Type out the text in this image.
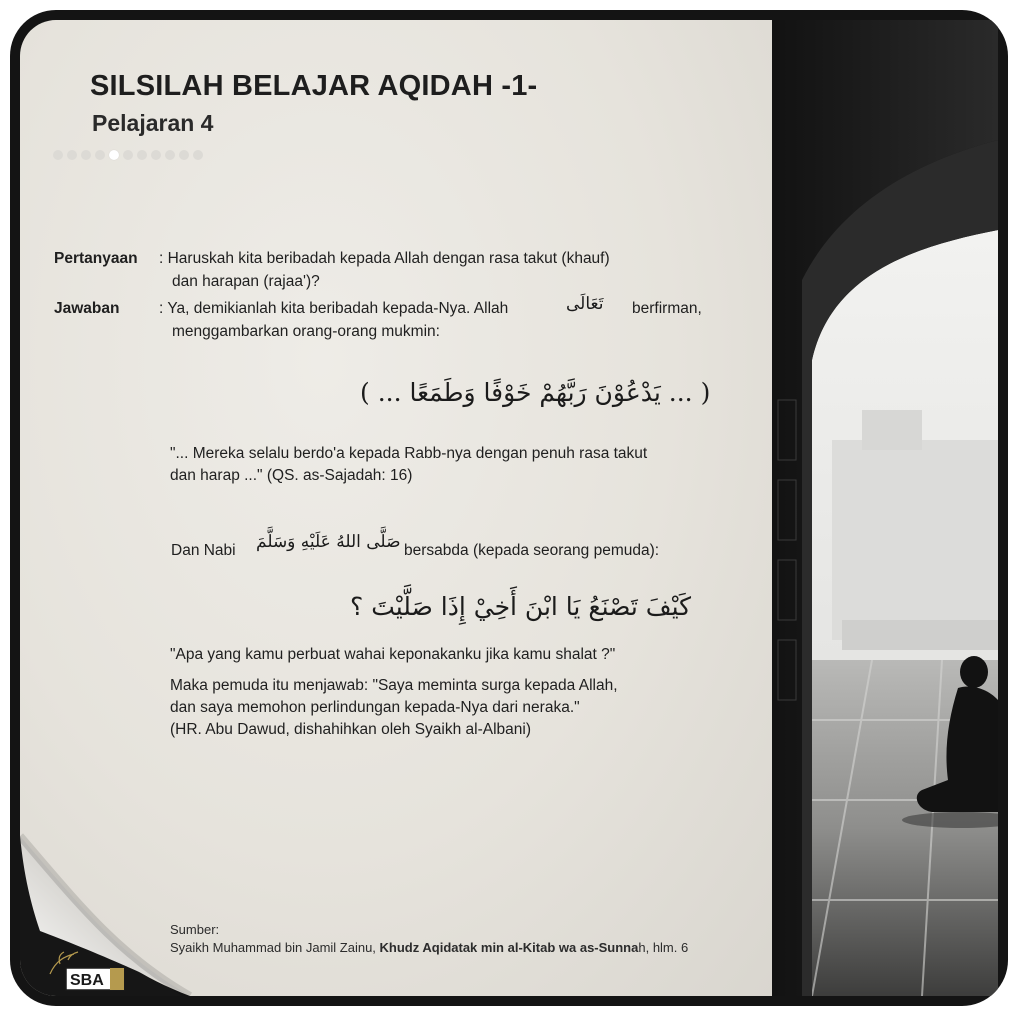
SILSILAH BELAJAR AQIDAH -1-
Pelajaran 4
Pertanyaan : Haruskah kita beribadah kepada Allah dengan rasa takut (khauf)
dan harapan (rajaa')?
Jawaban	: Ya, demikianlah kita beribadah kepada-Nya. Allah	تَعَالَى berfirman,
menggambarkan orang-orang mukmin:
( ... يَدْعُوْنَ رَبَّهُمْ خَوْفًا وَطَمَعًا ... )
"... Mereka selalu berdo'a kepada Rabb-nya dengan penuh rasa takut
dan harap ..." (QS. as-Sajadah: 16)
Dan Nabi صَلَّى اللهُ عَلَيْهِ وَسَلَّمَ bersabda (kepada seorang pemuda):
كَيْفَ تَصْنَعُ يَا ابْنَ أَخِيْ إِذَا صَلَّيْتَ ؟
"Apa yang kamu perbuat wahai keponakanku jika kamu shalat ?"
Maka pemuda itu menjawab: "Saya meminta surga kepada Allah,
dan saya memohon perlindungan kepada-Nya dari neraka."
(HR. Abu Dawud, dishahihkan oleh Syaikh al-Albani)
Sumber:
Syaikh Muhammad bin Jamil Zainu, Khudz Aqidatak min al-Kitab wa as-Sunnah, hlm. 6
SBA
